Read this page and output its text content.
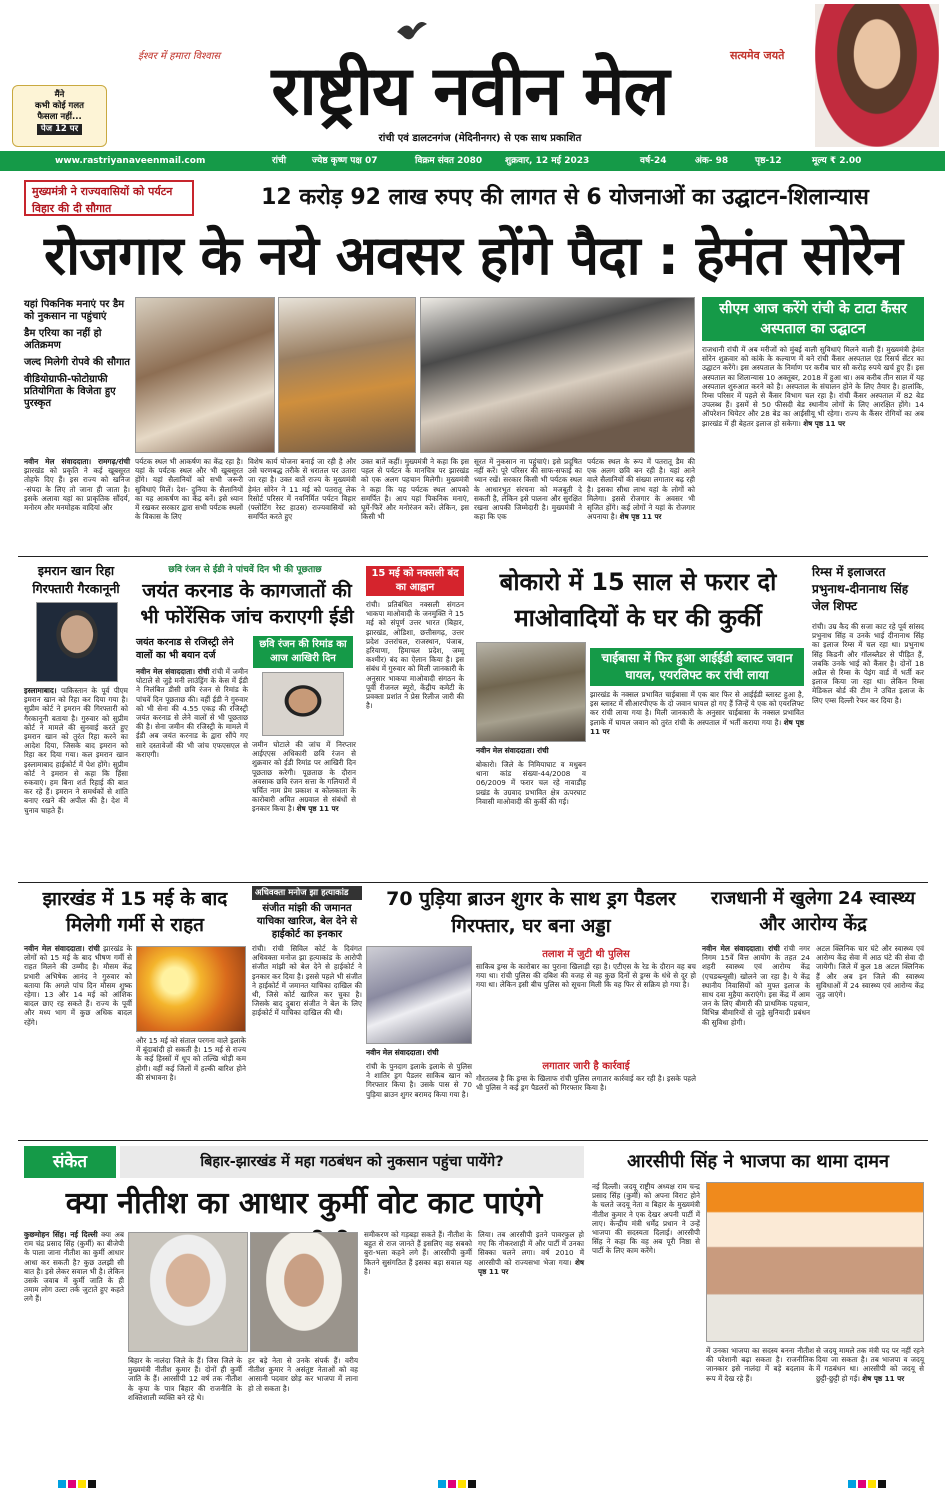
ईश्वर में हमारा विश्वास राष्ट्रीय नवीन मेल	सत्यमेव जयते
रांची एवं डालटनगंज (मेदिनीनगर) से एक साथ प्रकाशित
मैंने
कभी कोई गलत
फैसला नहीं...
पेज 12 पर
www.rastriyanaveenmail.com	रांची	ज्येष्ठ कृष्ण पक्ष 07	विक्रम संवत 2080	शुक्रवार, 12 मई 2023	वर्ष-24	अंक- 98	पृष्ठ-12	मूल्य ₹ 2.00
मुख्यमंत्री ने राज्यवासियों को पर्यटन विहार की दी सौगात	12 करोड़ 92 लाख रुपए की लागत से 6 योजनाओं का उद्घाटन-शिलान्यास
रोजगार के नये अवसर होंगे पैदा : हेमंत सोरेन
यहां पिकनिक मनाएं पर डैम को नुकसान ना पहुंचाएं
डैम एरिया का नहीं हो अतिक्रमण
जल्द मिलेगी रोपवे की सौगात
वीडियोग्राफी-फोटोग्राफी प्रतियोगिता के विजेता हुए पुरस्कृत
नवीन मेल संवाददाता। रामगढ़/रांची झारखंड को प्रकृति ने कई खूबसूरत तोहफे दिए हैं। इस राज्य को खनिज -संपदा के लिए तो जाना ही जाता है। इसके अलावा यहां का प्राकृतिक सौंदर्य, मनोरम और मनमोहक वादियां और
पर्यटक स्थल भी आकर्षण का केंद्र रहा है। यहां के पर्यटक स्थल और भी खूबसूरत होंगे। यहां सैलानियों को सभी जरूरी सुविधाएं मिलें। देश- दुनिया के सैलानियों का यह आकर्षण का केंद्र बनें। इसे ध्यान में रखकर सरकार द्वारा सभी पर्यटक स्थलों के विकास के लिए
विशेष कार्य योजना बनाई जा रही है और उसे चरणबद्ध तरीके से धरातल पर उतारा जा रहा है। उक्त बातें राज्य के मुख्यमंत्री हेमंत सोरेन ने 11 मई को पतरातू लेक रिसोर्ट परिसर में नवनिर्मित पर्यटन विहार (फ्लोटिंग रेस्ट हाउस) राज्यवासियों को समर्पित करते हुए
उक्त बातें कहीं। मुख्यमंत्री ने कहा कि इस पहल से पर्यटन के मानचित्र पर झारखंड को एक अलग पहचान मिलेगी। मुख्यमंत्री ने कहा कि यह पर्यटक स्थल आपको समर्पित है। आप यहां पिकनिक मनाएं, घूमें-फिरें और मनोरंजन करें। लेकिन, इस किसी भी
सूरत में नुकसान ना पहुंचाएं। इसे प्रदूषित नहीं करें। पूरे परिसर की साफ-सफाई का ध्यान रखें। सरकार किसी भी पर्यटक स्थल के आधारभूत संरचना को मजबूती दे सकती है, लेकिन इसे पालना और सुरक्षित रखना आपकी जिम्मेदारी है। मुख्यमंत्री ने कहा कि एक
पर्यटक स्थल के रूप में पतरातू डैम की एक अलग छवि बन रही है। यहां आने वाले सैलानियों की संख्या लगातार बढ़ रही है। इसका सीधा लाभ यहां के लोगों को मिलेगा। इससे रोजगार के अवसर भी सृजित होंगे। कई लोगों ने यहां के रोजगार अपनाया है। शेष पृष्ठ 11 पर
सीएम आज करेंगे रांची के टाटा कैंसर अस्पताल का उद्घाटन
राजधानी रांची में अब मरीजों को मुंबई वाली सुविधाएं मिलने वाली हैं। मुख्यमंत्री हेमंत सोरेन शुक्रवार को कांके के कल्याण में बने रांची कैंसर अस्पताल एंड रिसर्च सेंटर का उद्घाटन करेंगे। इस अस्पताल के निर्माण पर करीब चार सौ करोड़ रुपये खर्च हुए हैं। इस अस्पताल का शिलान्यास 10 अक्तूबर, 2018 में हुआ था। अब करीब तीन साल में यह अस्पताल शुरुआत करने को है। अस्पताल के संचालन होने के लिए तैयार है। हालांकि, रिम्स परिसर में पहले से कैंसर विभाग चल रहा है। रांची कैंसर अस्पताल में 82 बेड उपलब्ध हैं। इसमें से 50 फीसदी बेड स्थानीय लोगों के लिए आरक्षित होंगे। 14 ऑपरेशन थियेटर और 28 बेड का आईसीयू भी रहेगा। राज्य के कैंसर रोगियों का अब झारखंड में ही बेहतर इलाज हो सकेगा। शेष पृष्ठ 11 पर
इमरान खान रिहा गिरफ्तारी गैरकानूनी
इस्लामाबाद। पाकिस्तान के पूर्व पीएम इमरान खान को रिहा कर दिया गया है। सुप्रीम कोर्ट ने इमरान की गिरफ्तारी को गैरकानूनी बताया है। गुरुवार को सुप्रीम कोर्ट ने मामले की सुनवाई करते हुए इमरान खान को तुरंत रिहा करने का आदेश दिया, जिसके बाद इमरान को रिहा कर दिया गया। कल इमरान खान इस्लामाबाद हाईकोर्ट में पेश होंगे। सुप्रीम कोर्ट ने इमरान से कहा कि हिंसा रुकवाएं। हम बिना शर्त रिहाई की बात कर रहे हैं। इमरान ने समर्थकों से शांति बनाए रखने की अपील की है। देश में चुनाव चाहते हैं।
छवि रंजन से ईडी ने पांचवें दिन भी की पूछताछ
जयंत करनाड के कागजातों की भी फोरेंसिक जांच कराएगी ईडी
जयंत करनाड से रजिस्ट्री लेने वालों का भी बयान दर्ज
छवि रंजन की रिमांड का आज आखिरी दिन
नवीन मेल संवाददाता। रांची रांची में जमीन घोटाले से जुड़े मनी लाउंड्रिंग के केस में ईडी ने निलंबित डीसी छवि रंजन से रिमांड के पांचवें दिन पूछताछ की। वहीं ईडी ने गुरुवार को भी सेना की 4.55 एकड़ की रजिस्ट्री जयंत करनाड से लेने वालों से भी पूछताछ की है। सेना जमीन की रजिस्ट्री के मामले में ईडी अब जयंत करनाड के द्वारा सौंपे गए सारे दस्तावेजों की भी जांच एफएसएल से कराएगी।
जमीन घोटाले की जांच में निरप्तार आईएएस अधिकारी छवि रंजन से शुक्रवार को ईडी रिमांड पर आखिरी दिन पूछताछ करेगी। पूछताछ के दौरान अवसाक छवि रंजन सत्ता के गलियारों में चर्चित नाम प्रेम प्रकाश व कोलकाता के कारोबारी अमित अग्रवाल से संबंधों से इनकार किया है। शेष पृष्ठ 11 पर
15 मई को नक्सली बंद का आह्वान
रांची। प्रतिबंधित नक्सली संगठन भाकपा माओवादी के जनमुक्ति ने 15 मई को संपूर्ण उत्तर भारत (बिहार, झारखंड, ओडिशा, छत्तीसगढ़, उत्तर प्रदेश उत्तरांचल, राजस्थान, पंजाब, हरियाणा, हिमाचल प्रदेश, जम्मू कश्मीर) बंद का ऐलान किया है। इस संबंध में गुरुवार को मिली जानकारी के अनुसार भाकपा माओवादी संगठन के पूर्वी रीजनल ब्यूरो, केंद्रीय कमेटी के प्रवक्ता प्रशांत ने प्रेस रिलीज जारी की है।
बोकारो में 15 साल से फरार दो माओवादियों के घर की कुर्की
नवीन मेल संवाददाता। रांची
बोकारो। जिले के निमियाघाट व मधुबन थाना कांड संख्या-44/2008 व 06/2009 में फरार चल रहे नावाडीह प्रखंड के उग्रवाद प्रभावित क्षेत्र ऊपरघाट निवासी माओवादी की कुर्की की गई।
चाईबासा में फिर हुआ आईईडी ब्लास्ट जवान घायल, एयरलिफ्ट कर रांची लाया
झारखंड के नक्सल प्रभावित चाईबासा में एक बार फिर से आईईडी ब्लास्ट हुआ है, इस ब्लास्ट में सीआरपीएफ के दो जवान घायल हो गए हैं जिन्हें ये एक को एयरलिफ्ट कर रांची लाया गया है। मिली जानकारी के अनुसार चाईबासा के नक्सल प्रभावित इलाके में घायल जवान को तुरंत रांची के अस्पताल में भर्ती कराया गया है। शेष पृष्ठ 11 पर
रिम्स में इलाजरत प्रभुनाथ-दीनानाथ सिंह जेल शिफ्ट
रांची। उम्र कैद की सजा काट रहे पूर्व सांसद प्रभुनाथ सिंह व उनके भाई दीनानाथ सिंह का इलाज रिम्स में चल रहा था। प्रभुनाथ सिंह किडनी और गॉलब्लैडर से पीड़ित हैं, जबकि उनके भाई को कैंसर है। दोनों 18 अप्रैल से रिम्स के पेइंग वार्ड में भर्ती कर इलाज किया जा रहा था। लेकिन रिम्स मेडिकल बोर्ड की टीम ने उचित इलाज के लिए एम्स दिल्ली रेफर कर दिया है।
झारखंड में 15 मई के बाद मिलेगी गर्मी से राहत
नवीन मेल संवाददाता। रांची झारखंड के लोगों को 15 मई के बाद भीषण गर्मी से राहत मिलने की उम्मीद है। मौसम केंद्र प्रभारी अभिषेक आनंद ने गुरुवार को बताया कि अगले पांच दिन मौसम शुष्क रहेगा। 13 और 14 मई को आंशिक बादल छाए रह सकते हैं। राज्य के पूर्वी और मध्य भाग में कुछ अधिक बादल रहेंगे।
और 15 मई को संताल परगना वाले इलाके में बूंदाबांदी हो सकती है। 15 मई से राज्य के कई हिस्सों में धूप को तल्खि थोड़ी कम होगी। वहीं कई जिलों में हल्की बारिश होने की संभावना है।
अधिवक्ता मनोज झा हत्याकांड
संजीत मांझी की जमानत याचिका खारिज, बेल देने से हाईकोर्ट का इनकार
रांची। रांची सिविल कोर्ट के दिवंगत अधिवक्ता मनोज झा हत्याकांड के आरोपी संजीत मांझी को बेल देने से हाईकोर्ट ने इनकार कर दिया है। इससे पहले भी संजीत ने हाईकोर्ट में जमानत याचिका दाखिल की थी, जिसे कोर्ट खारिज कर चुका है। जिसके बाद दुबारा संजीत ने बेल के लिए हाईकोर्ट में याचिका दाखिल की थी।
70 पुड़िया ब्राउन शुगर के साथ ड्रग पैडलर गिरफ्तार, घर बना अड्डा
नवीन मेल संवाददाता। रांची
रांची के पुनदाग इलाके इलाके से पुलिस ने शातिर ड्रग पैडलर साकिब खान को गिरफ्तार किया है। उसके पास से 70 पुड़िया ब्राउन शुगर बरामद किया गया है।
तलाश में जुटी थी पुलिस
साकिब ड्रग्स के कारोबार का पुराना खिलाड़ी रहा है। एटीएस के रेड के दौरान वह बच गया था। रांची पुलिस की दबिश की वजह से वह कुछ दिनों से ड्रग्स के धंधे से दूर हो गया था। लेकिन इसी बीच पुलिस को सूचना मिली कि वह फिर से सक्रिय हो गया है।
लगातार जारी है कार्रवाई
गौरतलब है कि ड्रग्स के खिलाफ रांची पुलिस लगातार कार्रवाई कर रही है। इसके पहले भी पुलिस ने कई ड्रग पैडलरों को गिरफ्तार किया है।
राजधानी में खुलेगा 24 स्वास्थ्य और आरोग्य केंद्र
नवीन मेल संवाददाता। रांची रांची नगर निगम 15वें वित्त आयोग के तहत 24 शहरी स्वास्थ्य एवं आरोग्य केंद्र (एचडब्ल्यूसी) खोलने जा रहा है। ये केंद्र स्थानीय निवासियों को मुफ्त इलाज के साथ दवा मुहैया कराएंगे। इस केंद्र में आम जन के लिए बीमारी की प्राथमिक पहचान, विभिन्न बीमारियों से जुड़े सुनियादी प्रबंधन की सुविधा होगी।
अटल क्लिनिक चार घंटे और स्वास्थ्य एवं आरोग्य केंद्र सेवा में आठ घंटे की सेवा दी जायेगी। जिले में कुल 18 अटल क्लिनिक हैं और अब इन जिले की स्वास्थ्य सुविधाओं में 24 स्वास्थ्य एवं आरोग्य केंद्र जुड़ जाएंगे।
संकेत	बिहार-झारखंड में महा गठबंधन को नुकसान पहुंचा पायेंगे?
क्या नीतीश का आधार कुर्मी वोट काट पाएंगे
कुछमोहन सिंह। नई दिल्ली क्या अब राम चंद्र प्रसाद सिंह (कुर्मी) का बीजेपी के पाला जाना नीतीश का कुर्मी आधार आधा कर सकती है? कुछ उलझी सी बात है। इसे लेकर सवाल भी है। लेकिन उसके जवाब में कुर्मी जाति के ही तमाम लोग उल्टा तर्क जुटाते हुए कहते लगे हैं।
बिहार के नालंदा जिले के हैं। जिस जिले के मुख्यमंत्री नीतीश कुमार हैं। दोनों ही कुर्मी जाति के हैं। आरसीपी 12 वर्ष तक नीतीश के कृपा के पात्र बिहार की राजनीति के शक्तिशाली व्यक्ति बने रहे थे।
हर बड़े नेता से उनके संपर्क हैं। वरीय नीतीश कुमार ने असंतुष्ट नेताओं को वह आसानी पदवार छोड़ कर भाजपा में लाना हो तो सकता है।
समीकरण को गड़बड़ा सकते हैं। नीतीश के बहुत से राज जानते हैं इसलिए वह सबको बुरा-भला कहने लगे हैं। आरसीपी कुर्मी कितने सुसंगठित हैं इसका बड़ा सवाल यह है।
लिया। तब आरसीपी इतने पावरफुल हो गए कि नौकरशाही में और पार्टी में उनका सिक्का चलने लगा। वर्ष 2010 में आरसीपी को राज्यसभा भेजा गया। शेष पृष्ठ 11 पर
आरसीपी सिंह ने भाजपा का थामा दामन
नई दिल्ली। जदयू राष्ट्रीय अध्यक्ष राम चन्द्र प्रसाद सिंह (कुर्मी) को अपना विराट होने के चलते जदयू नेता व बिहार के मुख्यमंत्री नीतीश कुमार ने एक देखर अपनी पार्टी में लाए। केन्द्रीय मंत्री धर्मेंद्र प्रधान ने उन्हें भाजपा की सदस्यता दिलाई। आरसीपी सिंह ने कहा कि वह अब पूरी निष्ठा से पार्टी के लिए काम करेंगे।
में उनका भाजपा का सदस्य बनना नीतीश की परेशानी बढ़ा सकता है। राजनीतिक जानकार इसे नालंदा में बड़े बदलाव के रूप में देख रहे हैं।
से जदयू मामले तक मंत्री पद पर नहीं रहने दिया जा सकता है। तब भाजपा व जदयू में गठबंधन था। आरसीपी को जदयू से छुट्टी-छुट्टी हो गई। शेष पृष्ठ 11 पर
